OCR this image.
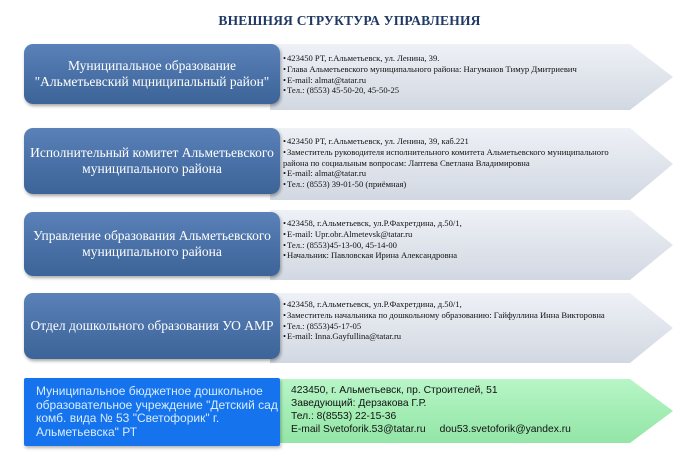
ВНЕШНЯЯ СТРУКТУРА УПРАВЛЕНИЯ
Муниципальное образование "Альметьевский мцниципальный район"
•423450 РТ, г.Альметьевск, ул. Ленина, 39.
•Глава Альметьевского муниципального района: Нагуманов Тимур Дмитриевич
•E-mail: almat@tatar.ru
•Тел.: (8553) 45-50-20, 45-50-25
Исполнительный комитет Альметьевского муниципального района
•423450 РТ, г.Альметьевск, ул. Ленина, 39, каб.221
•Заместитель руководителя исполнительного комитета Альметьевского муниципального района по социальным вопросам: Лаптева Светлана Владимировна
•E-mail: almat@tatar.ru
•Тел.: (8553) 39-01-50 (приёмная)
Управление образования Альметьевского муниципального района
•423458, г.Альметьевск, ул.Р.Фахретдина, д.50/1,
•E-mail: Upr.obr.Almetevsk@tatar.ru
•Тел.: (8553)45-13-00, 45-14-00
•Начальник: Павловская Ирина Александровна
Отдел дошкольного образования УО АМР
•423458, г.Альметьевск, ул.Р.Фахретдина, д.50/1,
•Заместитель начальника по дошкольному образованию: Гайфуллина Инна Викторовна
•Тел.: (8553)45-17-05
•E-mail: Inna.Gayfullina@tatar.ru
Муниципальное бюджетное дошкольное образовательное учреждение "Детский сад комб. вида № 53 "Светофорик" г. Альметьевска" РТ
423450, г. Альметьевск, пр. Строителей, 51
Заведующий: Дерзакова Г.Р.
Тел.: 8(8553) 22-15-36
E-mail Svetoforik.53@tatar.ru dou53.svetoforik@yandex.ru
